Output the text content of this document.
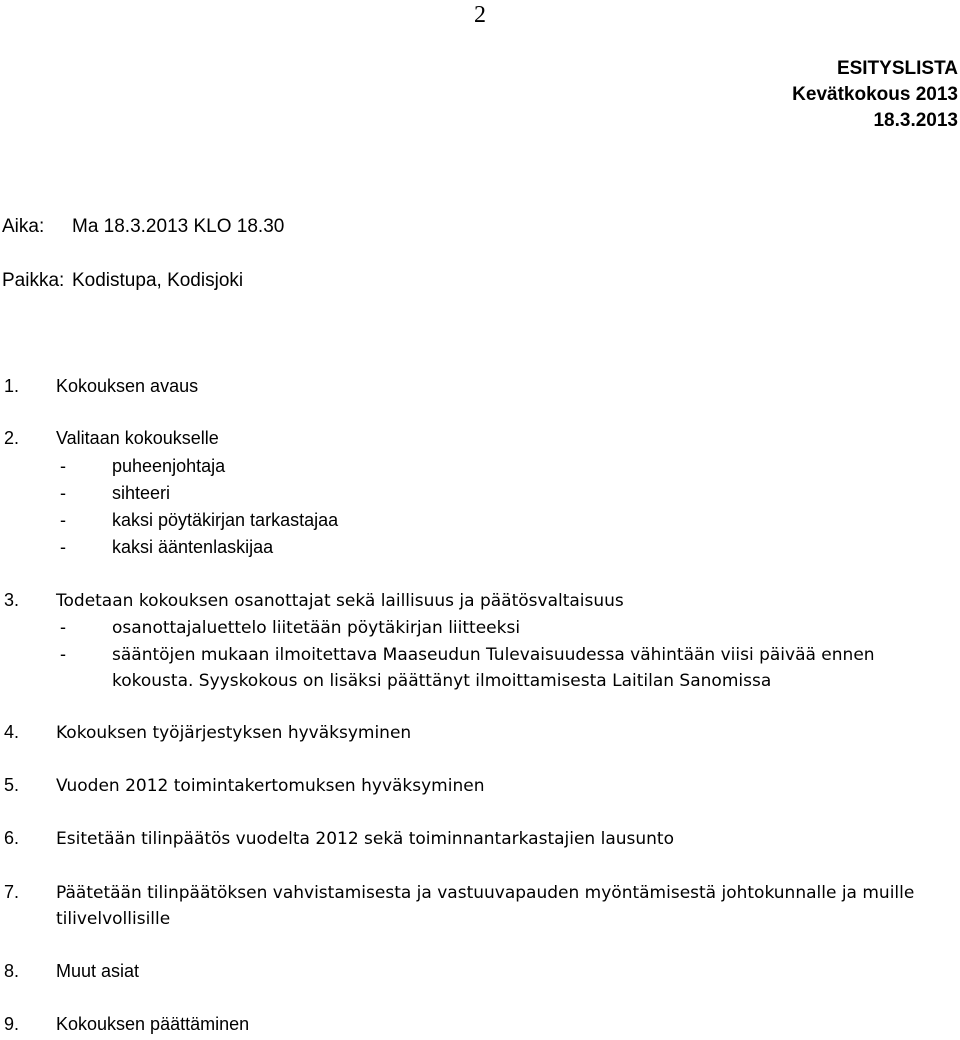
2
ESITYSLISTA
Kevätkokous 2013
18.3.2013
Aika: Ma 18.3.2013 KLO 18.30
Paikka: Kodistupa, Kodisjoki
1. Kokouksen avaus
2. Valitaan kokoukselle
-	puheenjohtaja
-	sihteeri
-	kaksi pöytäkirjan tarkastajaa
-	kaksi ääntenlaskijaa
3. Todetaan kokouksen osanottajat sekä laillisuus ja päätösvaltaisuus
-	osanottajaluettelo liitetään pöytäkirjan liitteeksi
-	sääntöjen mukaan ilmoitettava Maaseudun Tulevaisuudessa vähintään viisi päivää ennen
kokousta. Syyskokous on lisäksi päättänyt ilmoittamisesta Laitilan Sanomissa
4. Kokouksen työjärjestyksen hyväksyminen
5. Vuoden 2012 toimintakertomuksen hyväksyminen
6. Esitetään tilinpäätös vuodelta 2012 sekä toiminnantarkastajien lausunto
7. Päätetään tilinpäätöksen vahvistamisesta ja vastuuvapauden myöntämisestä johtokunnalle ja muille
tilivelvollisille
8. Muut asiat
9. Kokouksen päättäminen
